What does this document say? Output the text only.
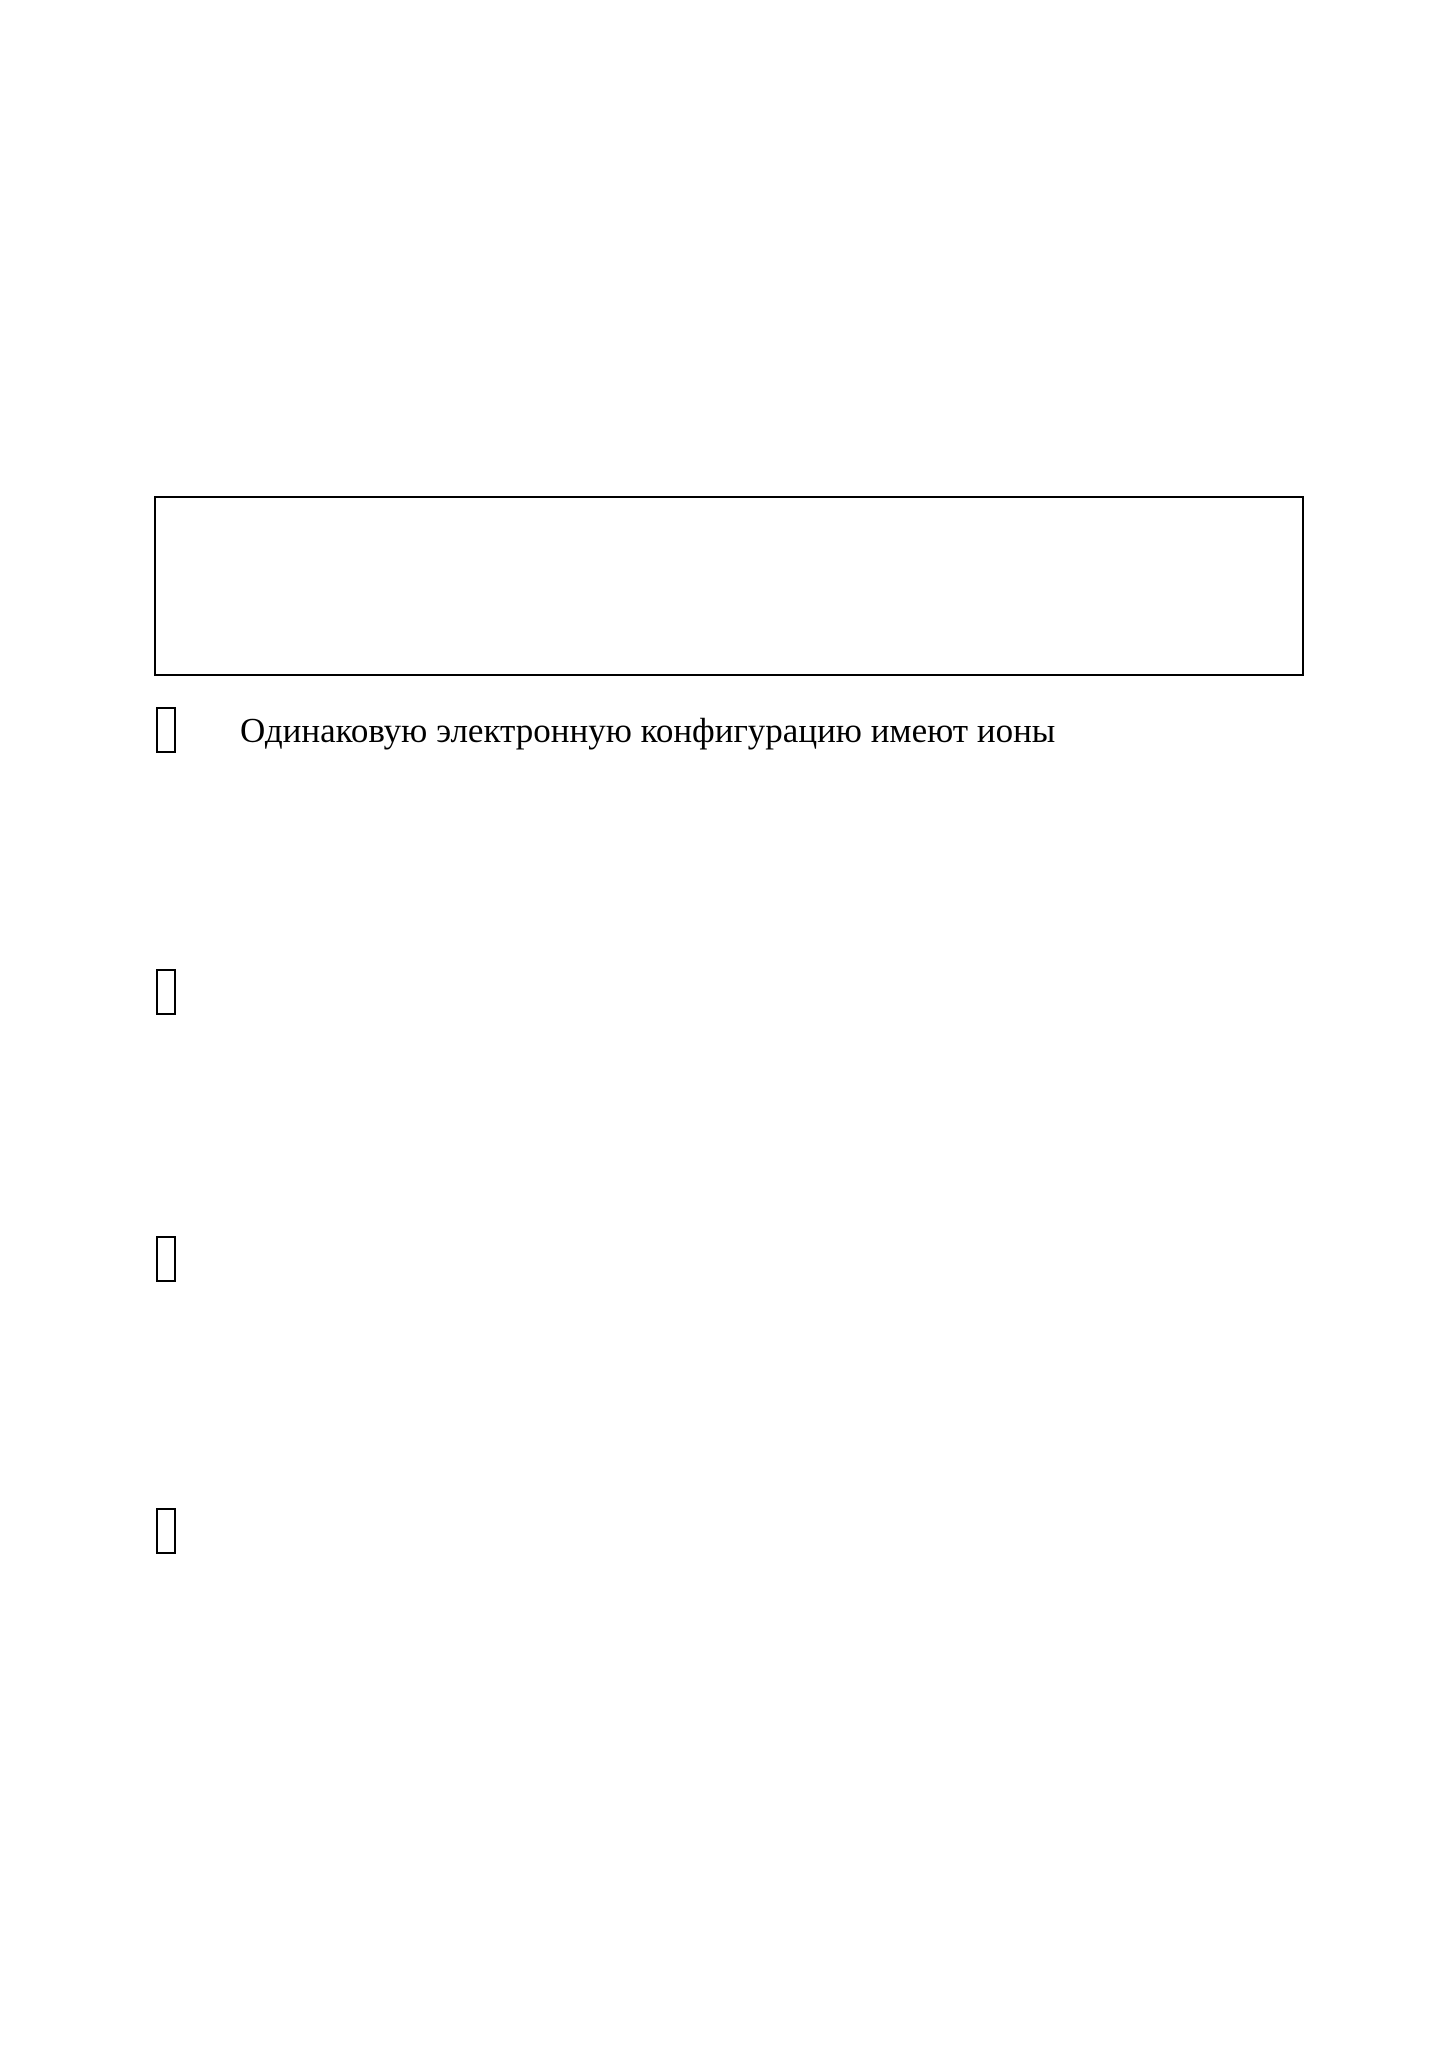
Одинаковую электронную конфигурацию имеют ионы
